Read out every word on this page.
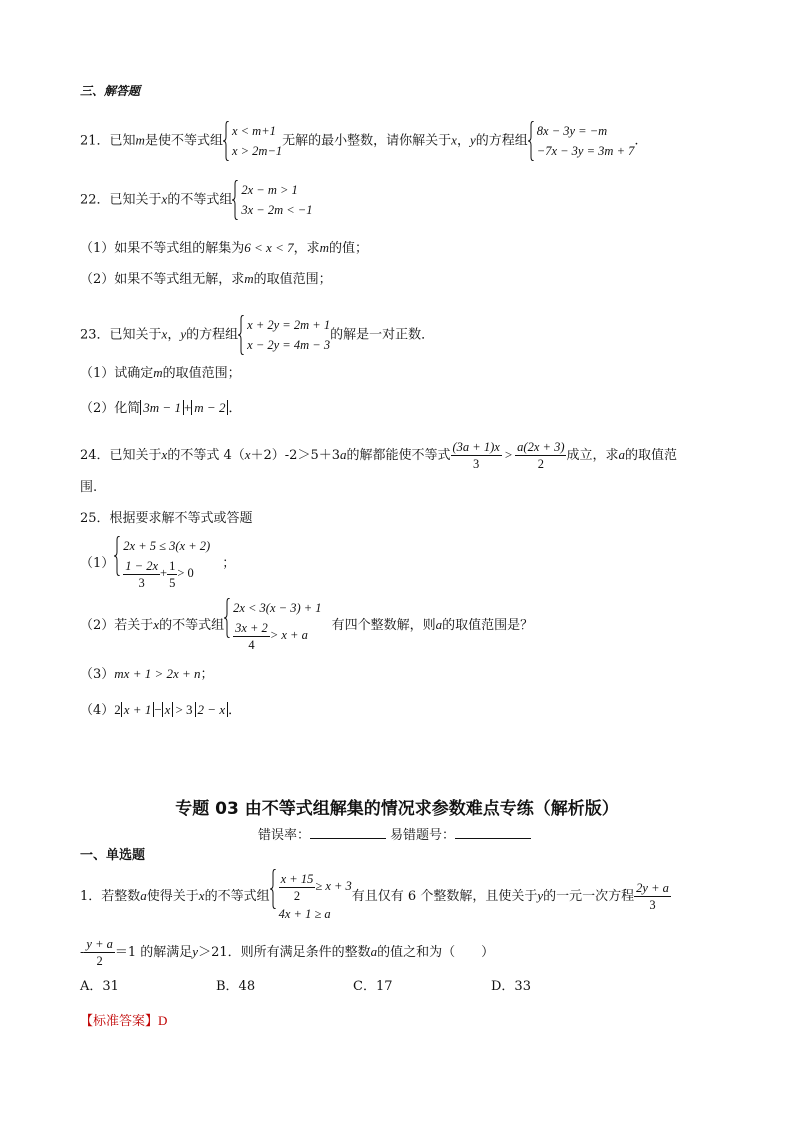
三、解答题
21．已知m是使不等式组
x < m+1
x > 2m−1
无解的最小整数，请你解关于x，y的方程组
8x − 3y = −m
−7x − 3y = 3m + 7
.
22．已知关于x的不等式组
2x − m > 1
3x − 2m < −1
（1）如果不等式组的解集为6 < x < 7，求m的值；
（2）如果不等式组无解，求m的取值范围；
23．已知关于x，y的方程组
x + 2y = 2m + 1
x − 2y = 4m − 3
的解是一对正数．
（1）试确定m的取值范围；
（2）化简 3m − 1 + m − 2 ．
24．已知关于x的不等式 4（x＋2）-2＞5＋3a的解都能使不等式 $\frac{(3a + 1)x}{3} > \frac{a(2x + 3)}{2}$ 成立，求a的取值范
围.
25．根据要求解不等式或答题
（1）
2x + 5 ≤ 3(x + 2)
$\frac{1 - 2x}{3} + \frac{1}{5} > 0$
；
（2）若关于x的不等式组
2x < 3(x − 3) + 1
$\frac{3x + 2}{4} > x + a$
有四个整数解，则a的取值范围是？
（3）mx + 1 > 2x + n；
（4）2 x + 1 − x > 3 2 − x ．
专题 03 由不等式组解集的情况求参数难点专练（解析版）
错误率：	易错题号：
一、单选题
1．若整数a使得关于x的不等式组 $\frac{x + 15}{2} \ge x + 3$
4x + 1 ≥ a
有且仅有 6 个整数解，且使关于y的一元一次方程 $\frac{2y + a}{3}$
- $\frac{y + a}{2} =1$ 的解满足y＞21．则所有满足条件的整数a的值之和为（　　）
A．31	B．48	C．17	D．33
【标准答案】D
